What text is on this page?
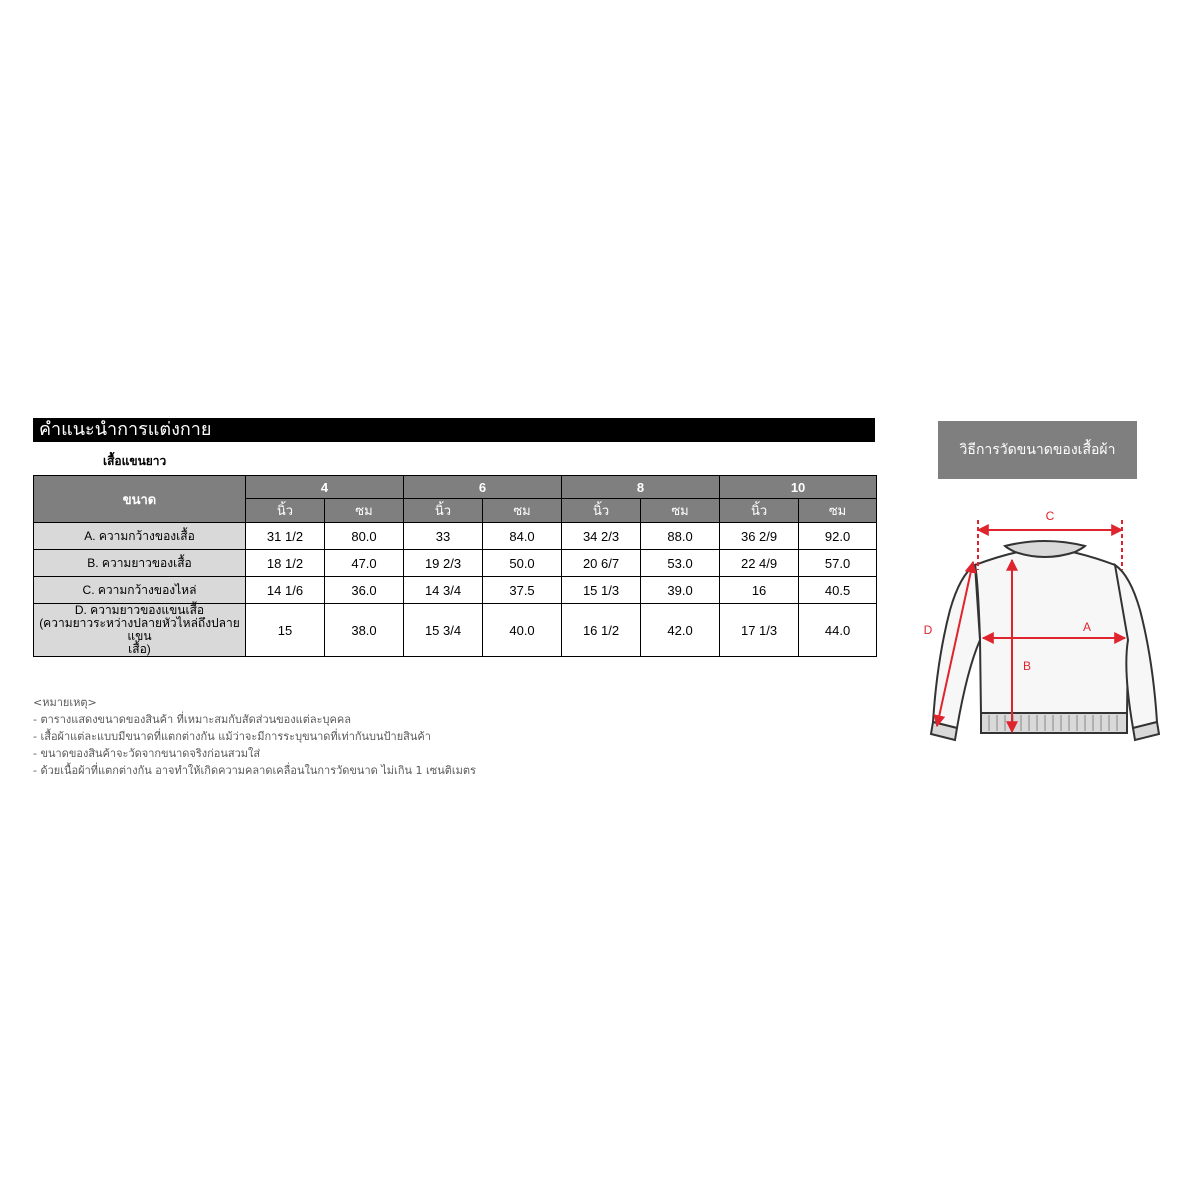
คำแนะนำการแต่งกาย
เสื้อแขนยาว
ขนาด	4		6		8		10	
	นิ้ว	ซม	นิ้ว	ซม	นิ้ว	ซม	นิ้ว	ซม
A. ความกว้างของเสื้อ	31 1/2	80.0	33	84.0	34 2/3	88.0	36 2/9	92.0
B. ความยาวของเสื้อ	18 1/2	47.0	19 2/3	50.0	20 6/7	53.0	22 4/9	57.0
C. ความกว้างของไหล่	14 1/6	36.0	14 3/4	37.5	15 1/3	39.0	16	40.5

D. ความยาวของแขนเสื้อ
(ความยาวระหว่างปลายหัวไหล่ถึงปลายแขน
เสื้อ)	15	38.0	15 3/4	40.0	16 1/2	42.0	17 1/3	44.0
<หมายเหตุ>
- ตารางแสดงขนาดของสินค้า ที่เหมาะสมกับสัดส่วนของแต่ละบุคคล
- เสื้อผ้าแต่ละแบบมีขนาดที่แตกต่างกัน แม้ว่าจะมีการระบุขนาดที่เท่ากันบนป้ายสินค้า
- ขนาดของสินค้าจะวัดจากขนาดจริงก่อนสวมใส่
- ด้วยเนื้อผ้าที่แตกต่างกัน อาจทำให้เกิดความคลาดเคลื่อนในการวัดขนาด ไม่เกิน 1 เซนติเมตร
วิธีการวัดขนาดของเสื้อผ้า
C
A
B
D
